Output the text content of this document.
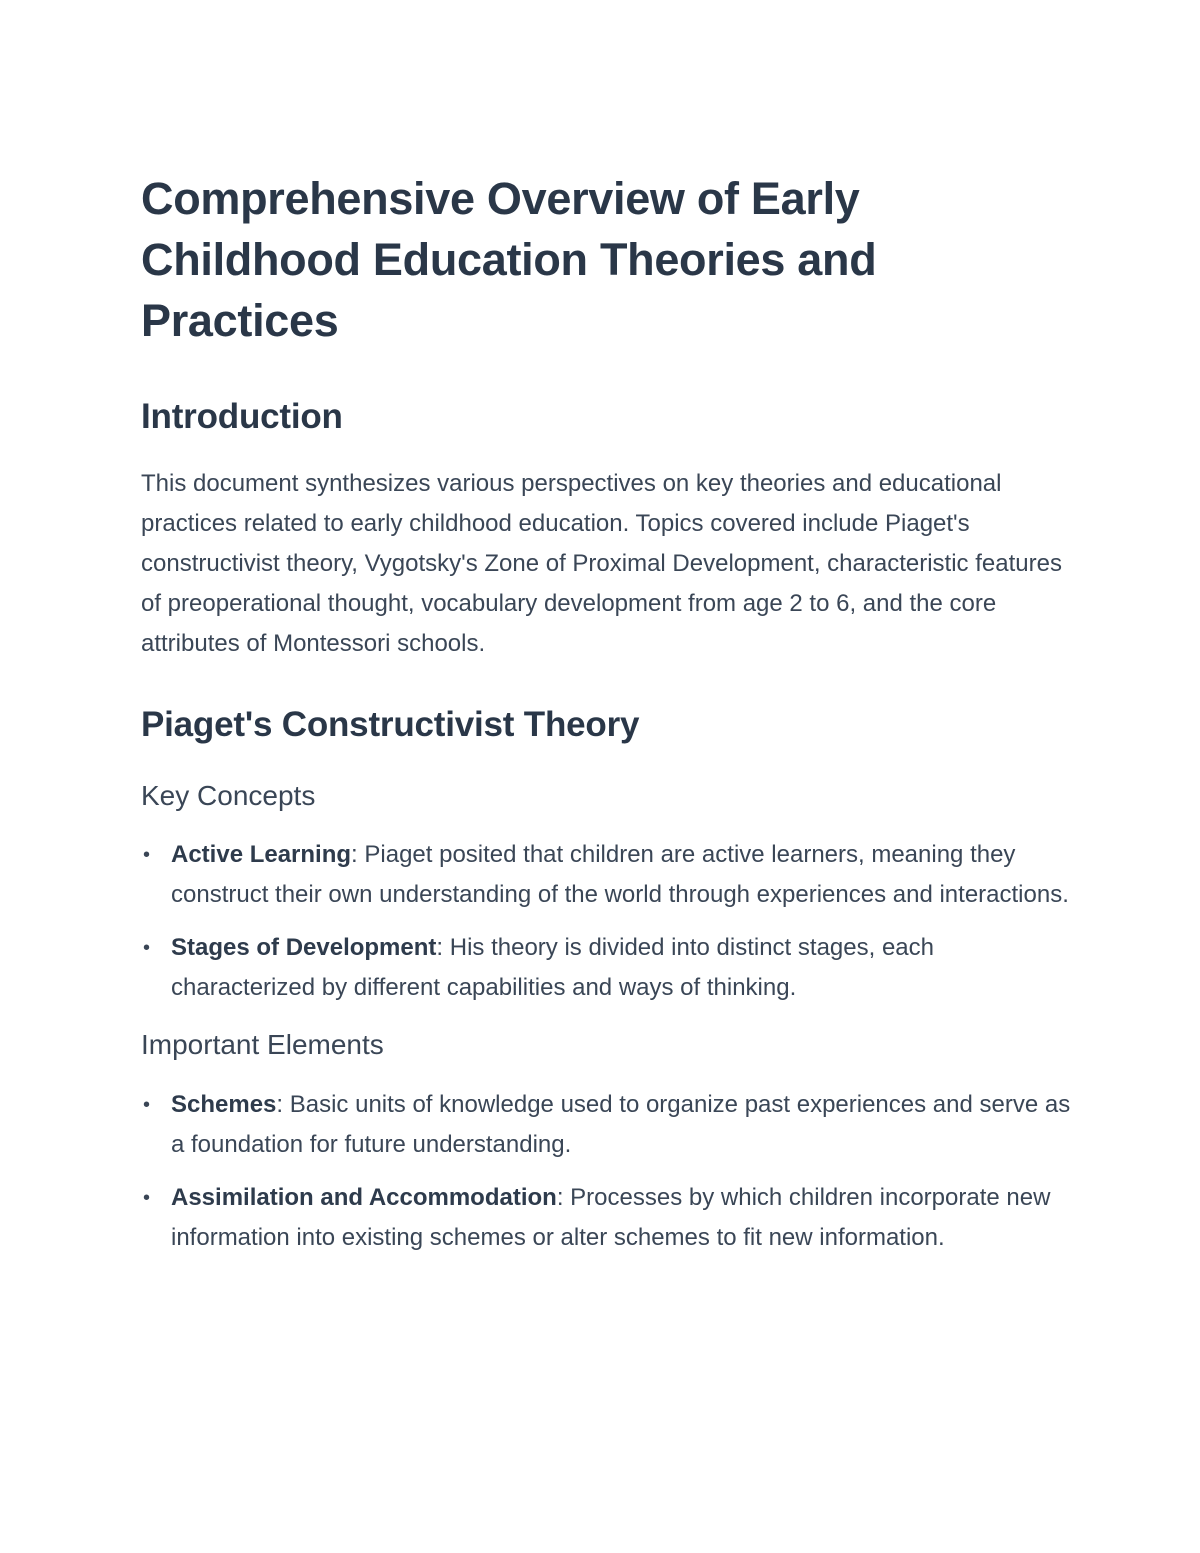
Comprehensive Overview of Early Childhood Education Theories and Practices
Introduction

This document synthesizes various perspectives on key theories and educational practices related to early childhood education. Topics covered include Piaget's constructivist theory, Vygotsky's Zone of Proximal Development, characteristic features of preoperational thought, vocabulary development from age 2 to 6, and the core attributes of Montessori schools.

Piaget's Constructivist Theory
Key Concepts
• Active Learning: Piaget posited that children are active learners, meaning they construct their own understanding of the world through experiences and interactions.
• Stages of Development: His theory is divided into distinct stages, each characterized by different capabilities and ways of thinking.
Important Elements
• Schemes: Basic units of knowledge used to organize past experiences and serve as a foundation for future understanding.
• Assimilation and Accommodation: Processes by which children incorporate new information into existing schemes or alter schemes to fit new information.
